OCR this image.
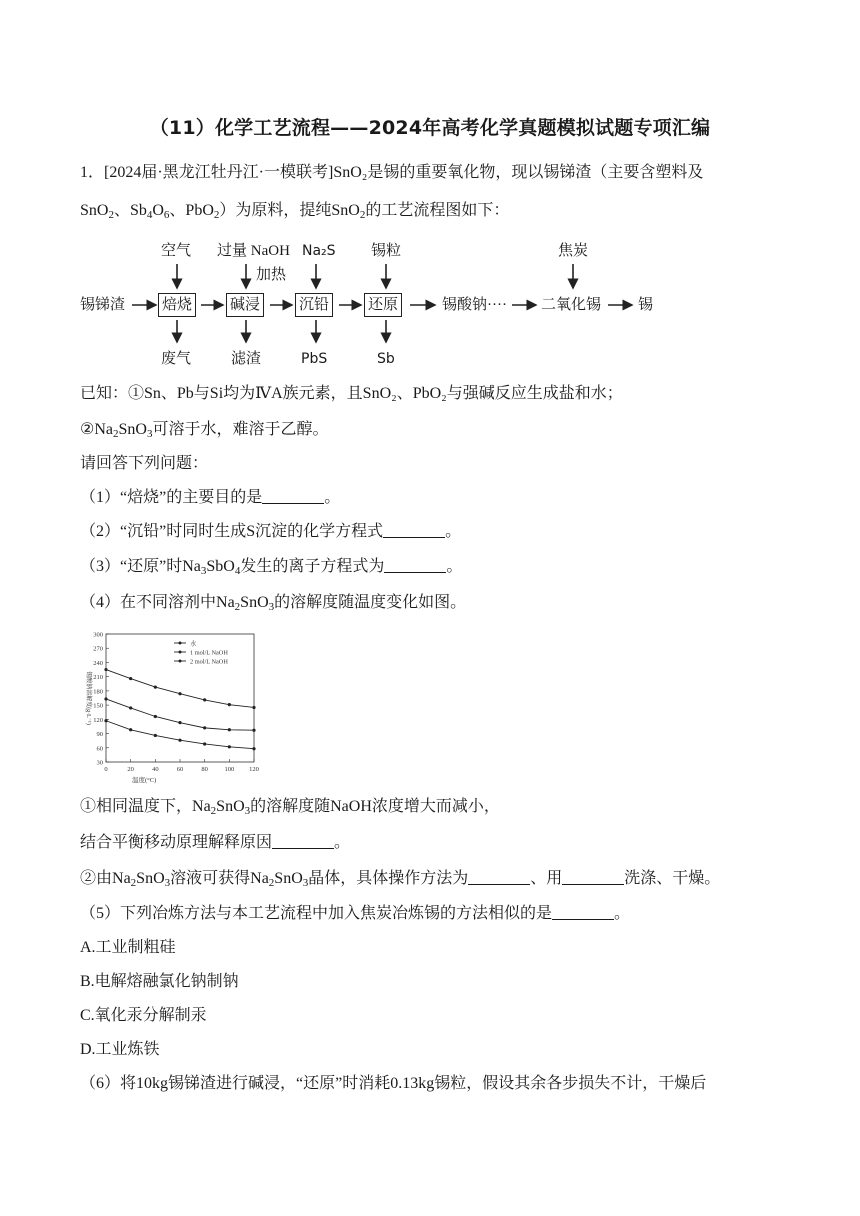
（11）化学工艺流程——2024年高考化学真题模拟试题专项汇编
1．[2024届·黑龙江牡丹江·一模联考]SnO₂是锡的重要氧化物，现以锡锑渣（主要含塑料及
SnO$_2$、$Sb_4O_6$、PbO$_2$）为原料，提纯SnO$_2$的工艺流程图如下：
锡锑渣 焙烧	碱浸	沉铅	还原
空气 过量 NaOH
加热
Na₂S 锡粒
废气	滤渣	PbS	Sb
锡酸钠····
焦炭
二氧化锡 锡
已知：①Sn、Pb与Si均为ⅣA族元素，且SnO₂、PbO₂与强碱反应生成盐和水；
$②Na_2SnO_3$可溶于水，难溶于乙醇。
请回答下列问题：
（1）“焙烧”的主要目的是	。
（2）“沉铅”时同时生成S沉淀的化学方程式	。
（3）“还原”时$Na_3SbO_4$发生的离子方程式为	。
（4）在不同溶剂中$Na_2SnO_3$的溶解度随温度变化如图。
30
60
90
120
150
180
210
240
270
300
0	20	40	60	80	100 120
温度(°C)
锡酸钠溶解度(g·L⁻¹)
水
1 mol/L NaOH
2 mol/L NaOH
①相同温度下，$Na_2SnO_3$的溶解度随NaOH浓度增大而减小，
结合平衡移动原理解释原因	。
②由$Na_2SnO_3$溶液可获得$Na_2SnO_3$晶体，具体操作方法为	、用	洗涤、干燥。
（5）下列冶炼方法与本工艺流程中加入焦炭冶炼锡的方法相似的是	。
A.工业制粗硅
B.电解熔融氯化钠制钠
C.氧化汞分解制汞
D.工业炼铁
（6）将10kg锡锑渣进行碱浸，“还原”时消耗0.13kg锡粒，假设其余各步损失不计，干燥后
